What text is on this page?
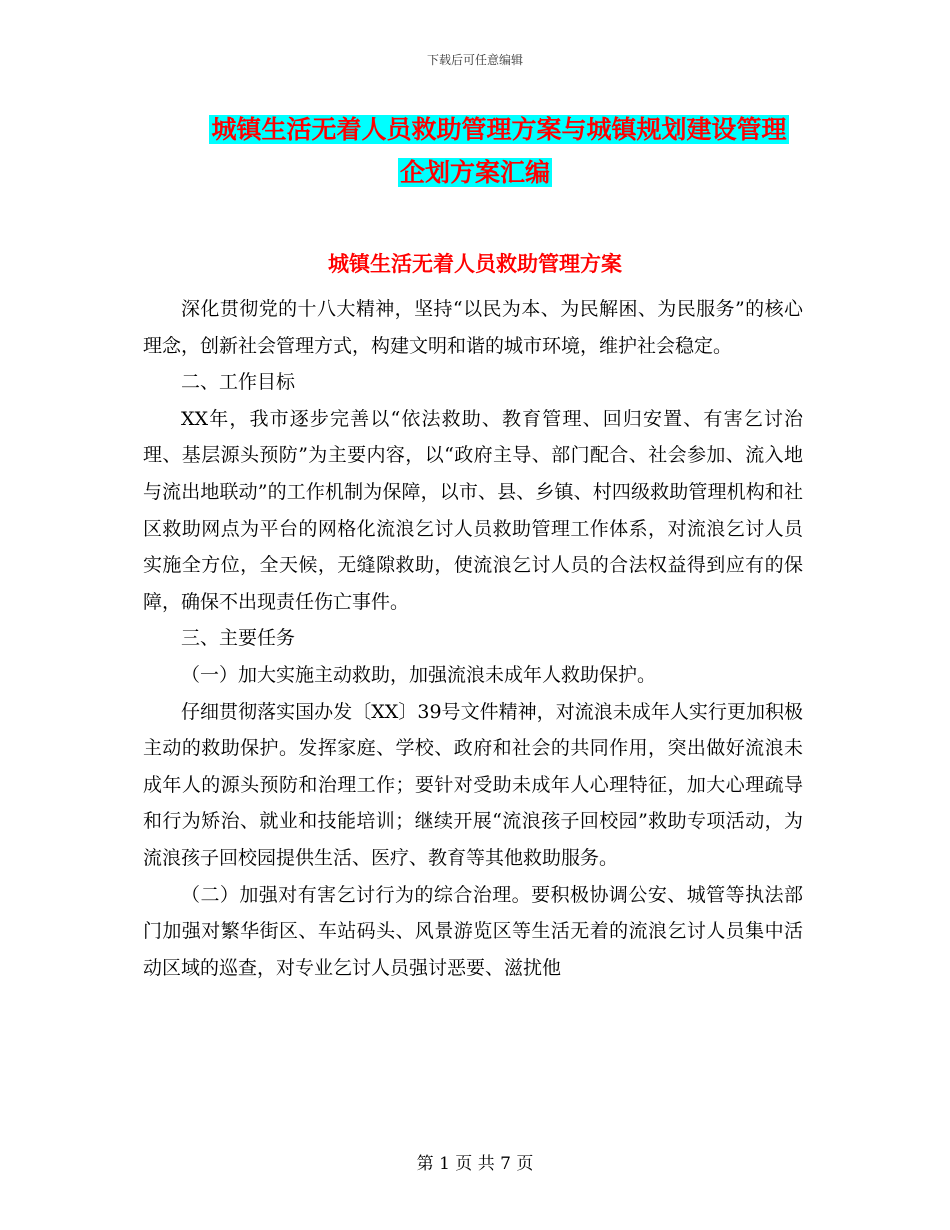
下载后可任意编辑
城镇生活无着人员救助管理方案与城镇规划建设管理
企划方案汇编
城镇生活无着人员救助管理方案

深化贯彻党的十八大精神，坚持“以民为本、为民解困、为民服务”的核心理念，创新社会管理方式，构建文明和谐的城市环境，维护社会稳定。

二、工作目标

XX年，我市逐步完善以“依法救助、教育管理、回归安置、有害乞讨治理、基层源头预防”为主要内容，以“政府主导、部门配合、社会参加、流入地与流出地联动”的工作机制为保障，以市、县、乡镇、村四级救助管理机构和社区救助网点为平台的网格化流浪乞讨人员救助管理工作体系，对流浪乞讨人员实施全方位，全天候，无缝隙救助，使流浪乞讨人员的合法权益得到应有的保障，确保不出现责任伤亡事件。

三、主要任务

（一）加大实施主动救助，加强流浪未成年人救助保护。

仔细贯彻落实国办发〔XX〕39号文件精神，对流浪未成年人实行更加积极主动的救助保护。发挥家庭、学校、政府和社会的共同作用，突出做好流浪未成年人的源头预防和治理工作；要针对受助未成年人心理特征，加大心理疏导和行为矫治、就业和技能培训；继续开展“流浪孩子回校园”救助专项活动，为流浪孩子回校园提供生活、医疗、教育等其他救助服务。

（二）加强对有害乞讨行为的综合治理。要积极协调公安、城管等执法部门加强对繁华街区、车站码头、风景游览区等生活无着的流浪乞讨人员集中活动区域的巡查，对专业乞讨人员强讨恶要、滋扰他

第 1 页 共 7 页
